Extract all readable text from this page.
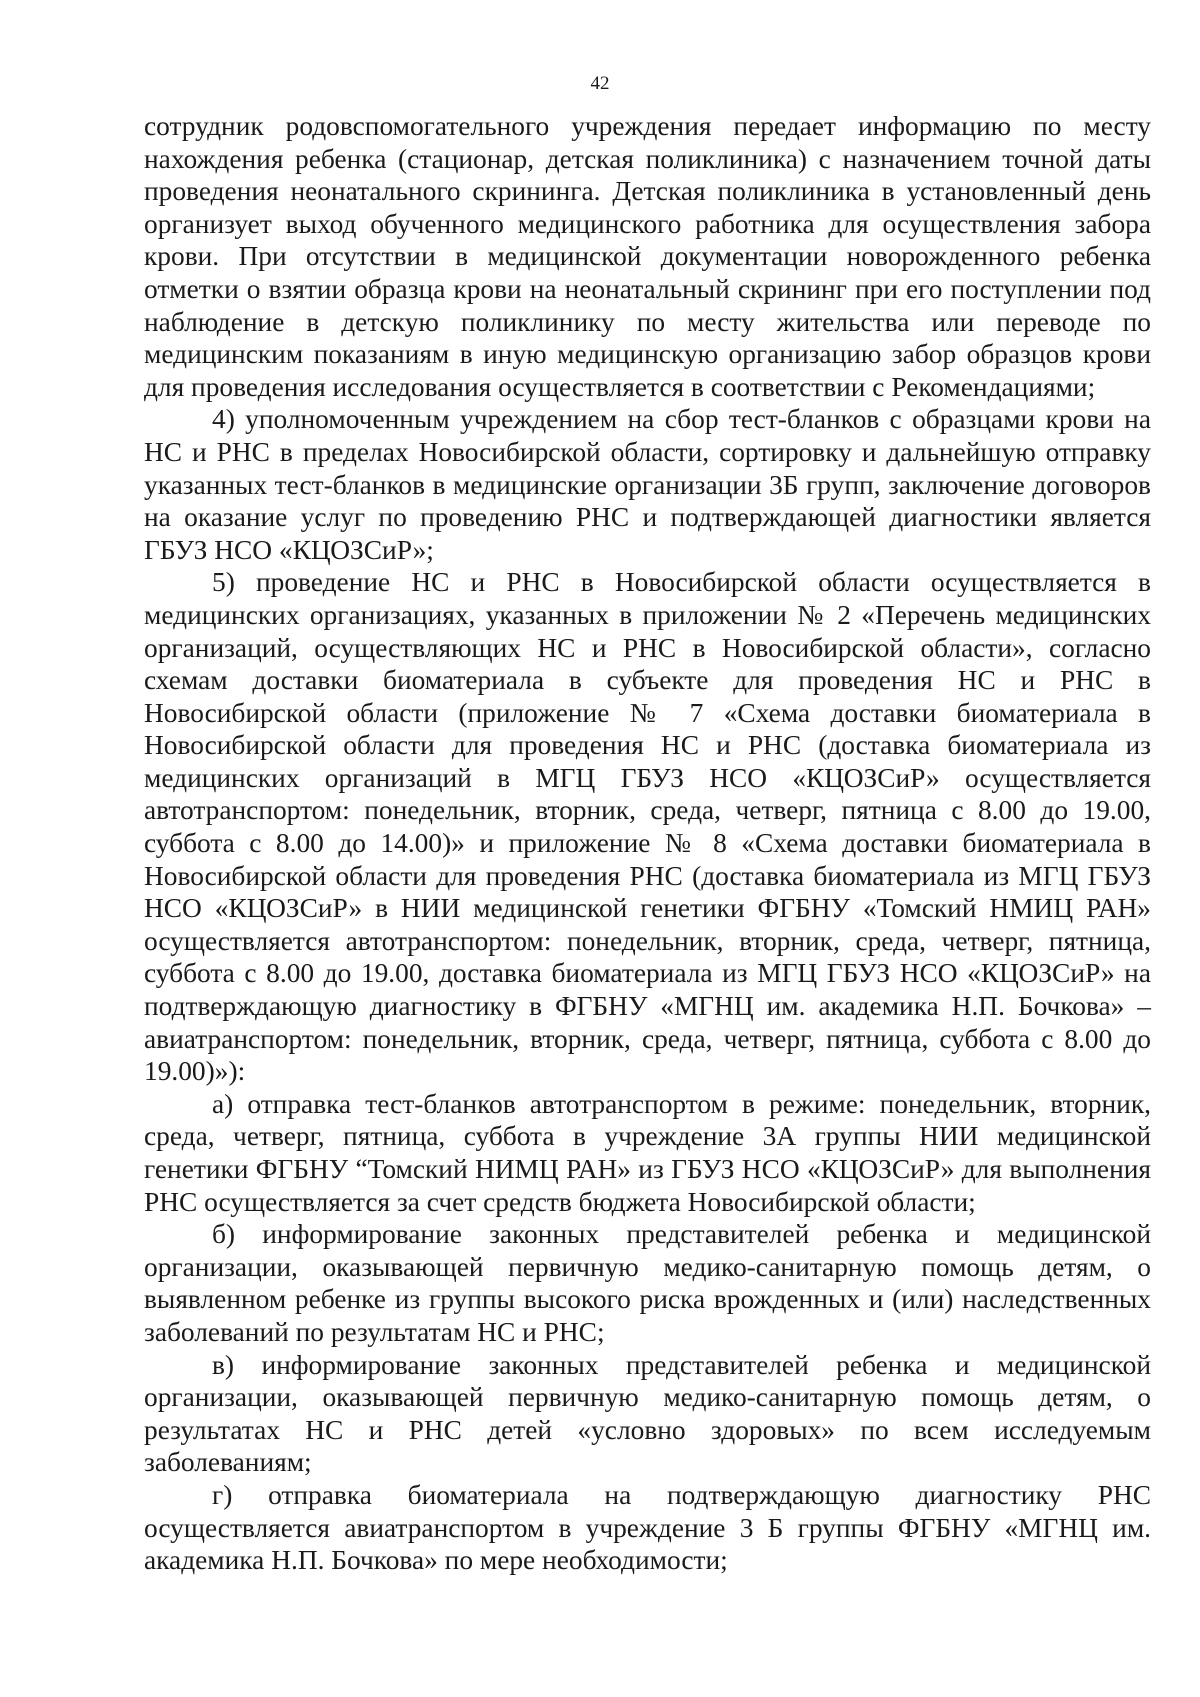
42

сотрудник родовспомогательного учреждения передает информацию по месту нахождения ребенка (стационар, детская поликлиника) с назначением точной даты проведения неонатального скрининга. Детская поликлиника в установленный день организует выход обученного медицинского работника для осуществления забора крови. При отсутствии в медицинской документации новорожденного ребенка отметки о взятии образца крови на неонатальный скрининг при его поступлении под наблюдение в детскую поликлинику по месту жительства или переводе по медицинским показаниям в иную медицинскую организацию забор образцов крови для проведения исследования осуществляется в соответствии с Рекомендациями;

4) уполномоченным учреждением на сбор тест-бланков с образцами крови на НС и РНС в пределах Новосибирской области, сортировку и дальнейшую отправку указанных тест-бланков в медицинские организации 3Б групп, заключение договоров на оказание услуг по проведению РНС и подтверждающей диагностики является ГБУЗ НСО «КЦОЗСиР»;

5) проведение НС и РНС в Новосибирской области осуществляется в медицинских организациях, указанных в приложении № 2 «Перечень медицинских организаций, осуществляющих НС и РНС в Новосибирской области», согласно схемам доставки биоматериала в субъекте для проведения НС и РНС в Новосибирской области (приложение № 7 «Схема доставки биоматериала в Новосибирской области для проведения НС и РНС (доставка биоматериала из медицинских организаций в МГЦ ГБУЗ НСО «КЦОЗСиР» осуществляется автотранспортом: понедельник, вторник, среда, четверг, пятница с 8.00 до 19.00, суббота с 8.00 до 14.00)» и приложение № 8 «Схема доставки биоматериала в Новосибирской области для проведения РНС (доставка биоматериала из МГЦ ГБУЗ НСО «КЦОЗСиР» в НИИ медицинской генетики ФГБНУ «Томский НМИЦ РАН» осуществляется автотранспортом: понедельник, вторник, среда, четверг, пятница, суббота с 8.00 до 19.00, доставка биоматериала из МГЦ ГБУЗ НСО «КЦОЗСиР» на подтверждающую диагностику в ФГБНУ «МГНЦ им. академика Н.П. Бочкова» – авиатранспортом: понедельник, вторник, среда, четверг, пятница, суббота с 8.00 до 19.00)»):

а) отправка тест-бланков автотранспортом в режиме: понедельник, вторник, среда, четверг, пятница, суббота в учреждение 3А группы НИИ медицинской генетики ФГБНУ “Томский НИМЦ РАН» из ГБУЗ НСО «КЦОЗСиР» для выполнения РНС осуществляется за счет средств бюджета Новосибирской области;

б) информирование законных представителей ребенка и медицинской организации, оказывающей первичную медико-санитарную помощь детям, о выявленном ребенке из группы высокого риска врожденных и (или) наследственных заболеваний по результатам НС и РНС;

в) информирование законных представителей ребенка и медицинской организации, оказывающей первичную медико-санитарную помощь детям, о результатах НС и РНС детей «условно здоровых» по всем исследуемым заболеваниям;

г) отправка биоматериала на подтверждающую диагностику РНС осуществляется авиатранспортом в учреждение 3 Б группы ФГБНУ «МГНЦ им. академика Н.П. Бочкова» по мере необходимости;
